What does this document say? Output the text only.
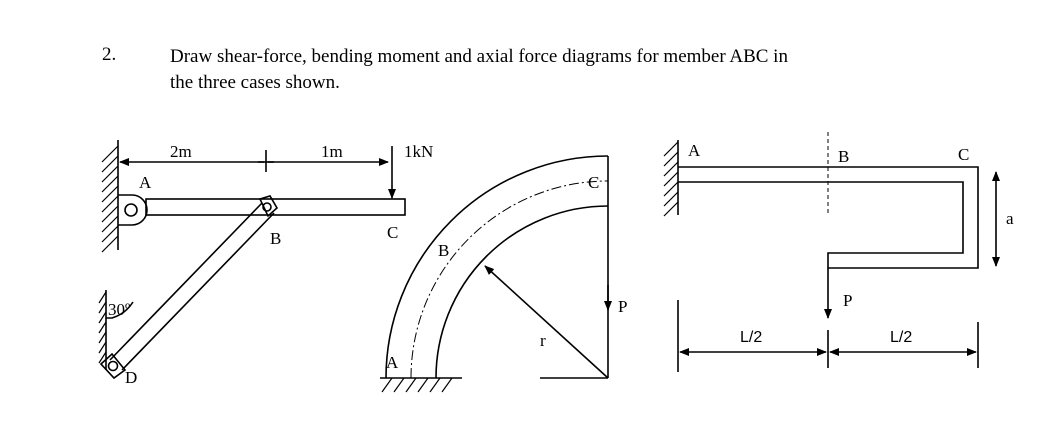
2.	Draw shear-force, bending moment and axial force diagrams for member ABC in
the three cases shown.
2m	1m	1kN
A
B	C
D
30º
C
B
A
P
r
A	B	C
a
P
L/2	L/2
